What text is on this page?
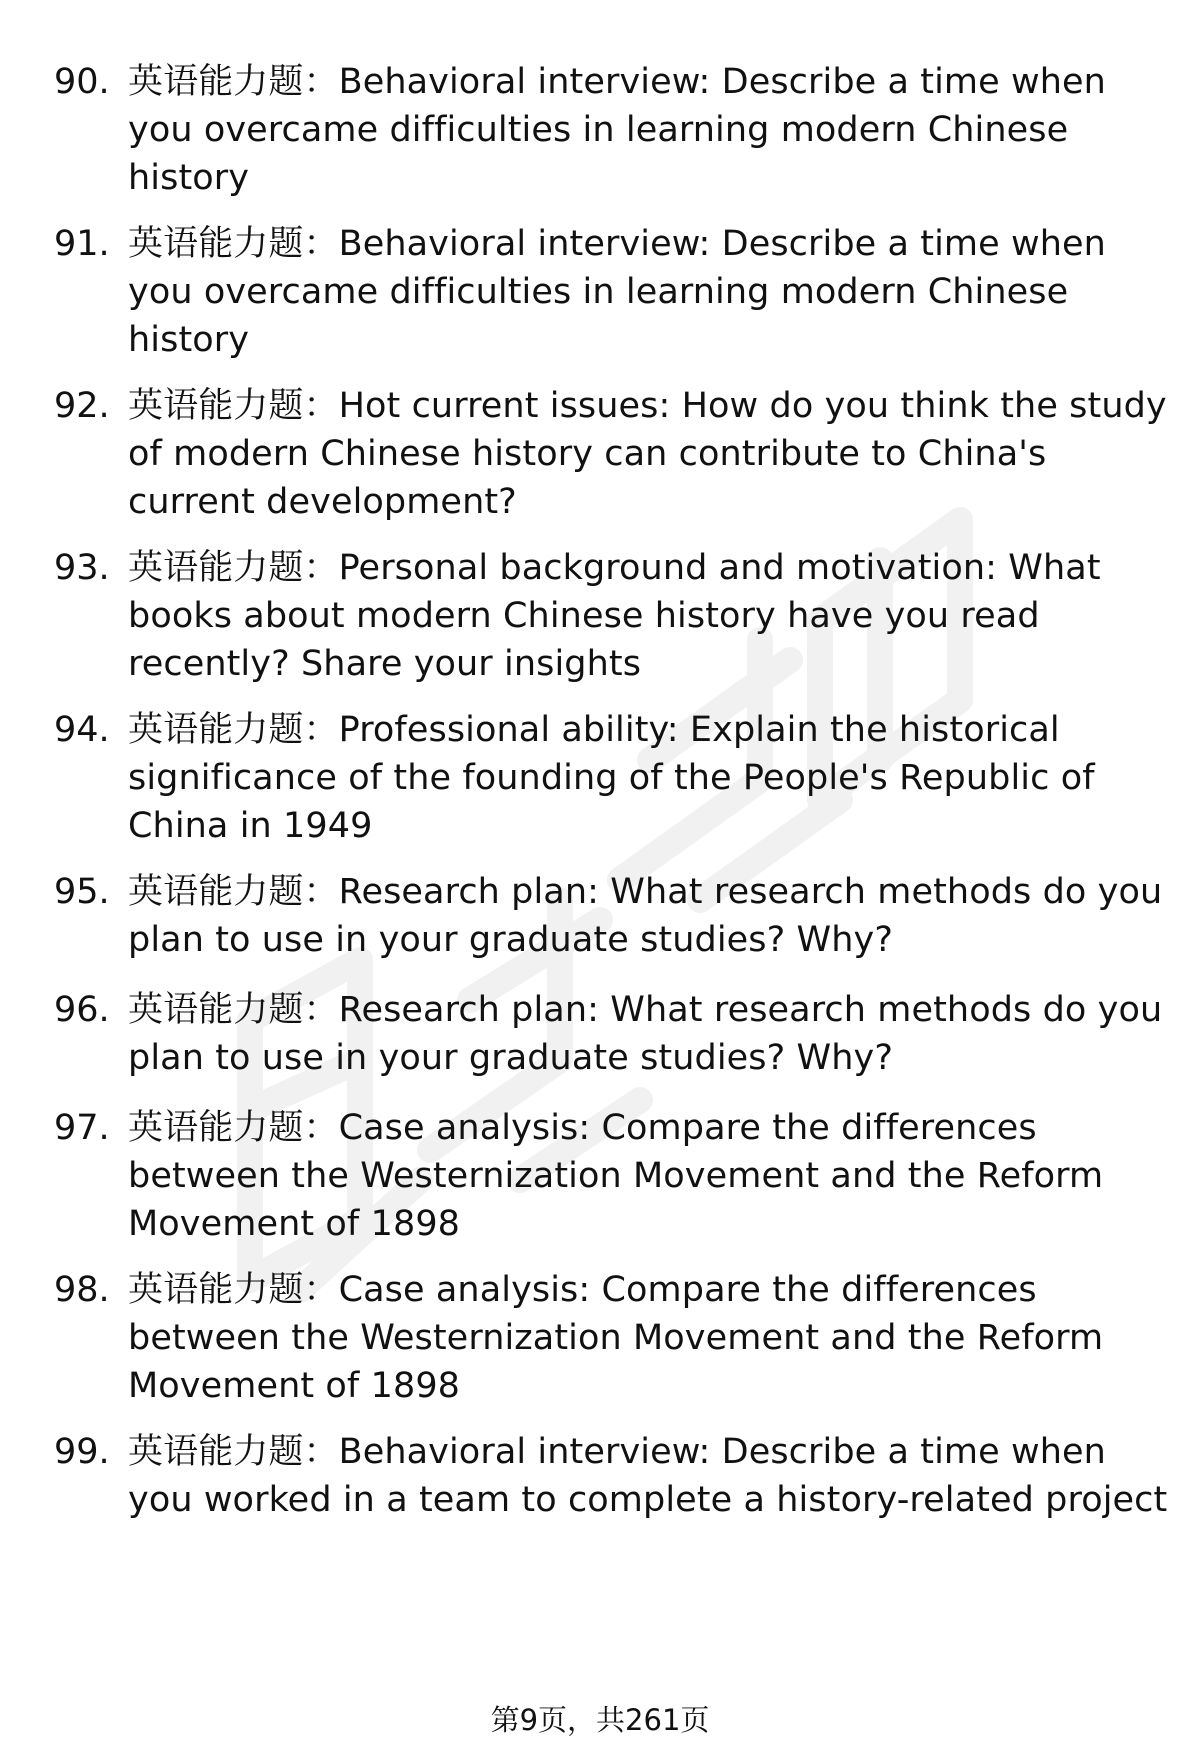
90. 英语能力题：Behavioral interview: Describe a time when
you overcame difficulties in learning modern Chinese
history
91. 英语能力题：Behavioral interview: Describe a time when
you overcame difficulties in learning modern Chinese
history
92. 英语能力题：Hot current issues: How do you think the study
of modern Chinese history can contribute to China's
current development?
93. 英语能力题：Personal background and motivation: What
books about modern Chinese history have you read
recently? Share your insights
94. 英语能力题：Professional ability: Explain the historical
significance of the founding of the People's Republic of
China in 1949
95. 英语能力题：Research plan: What research methods do you
plan to use in your graduate studies? Why?
96. 英语能力题：Research plan: What research methods do you
plan to use in your graduate studies? Why?
97. 英语能力题：Case analysis: Compare the differences
between the Westernization Movement and the Reform
Movement of 1898
98. 英语能力题：Case analysis: Compare the differences
between the Westernization Movement and the Reform
Movement of 1898
99. 英语能力题：Behavioral interview: Describe a time when
you worked in a team to complete a history-related project
第9页，共261页
